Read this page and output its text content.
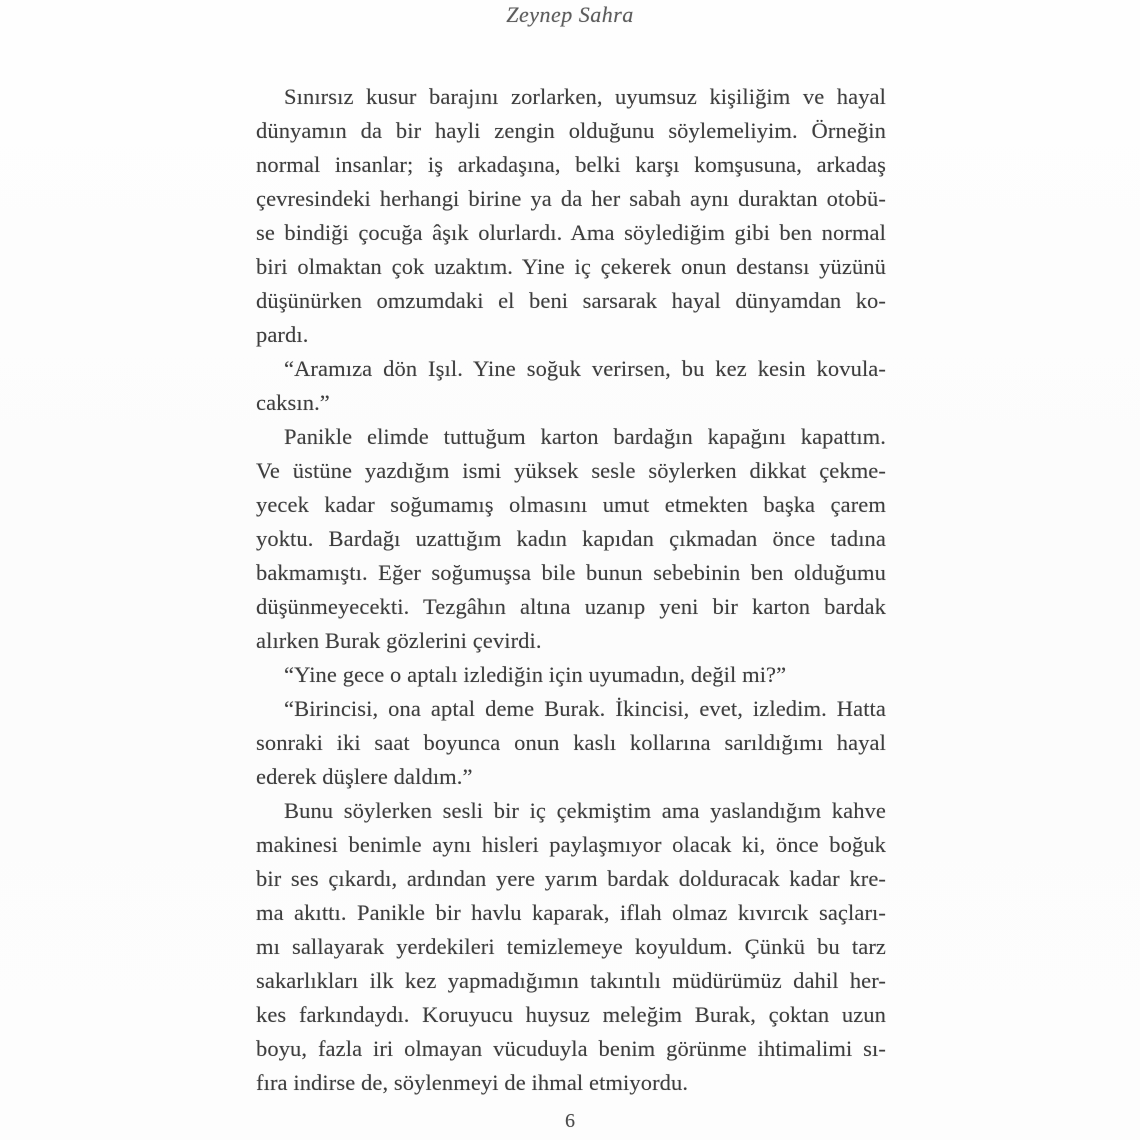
Zeynep Sahra
Sınırsız kusur barajını zorlarken, uyumsuz kişiliğim ve hayal
dünyamın da bir hayli zengin olduğunu söylemeliyim. Örneğin
normal insanlar; iş arkadaşına, belki karşı komşusuna, arkadaş
çevresindeki herhangi birine ya da her sabah aynı duraktan otobü-
se bindiği çocuğa âşık olurlardı. Ama söylediğim gibi ben normal
biri olmaktan çok uzaktım. Yine iç çekerek onun destansı yüzünü
düşünürken omzumdaki el beni sarsarak hayal dünyamdan ko-
pardı.
“Aramıza dön Işıl. Yine soğuk verirsen, bu kez kesin kovula-
caksın.”
Panikle elimde tuttuğum karton bardağın kapağını kapattım.
Ve üstüne yazdığım ismi yüksek sesle söylerken dikkat çekme-
yecek kadar soğumamış olmasını umut etmekten başka çarem
yoktu. Bardağı uzattığım kadın kapıdan çıkmadan önce tadına
bakmamıştı. Eğer soğumuşsa bile bunun sebebinin ben olduğumu
düşünmeyecekti. Tezgâhın altına uzanıp yeni bir karton bardak
alırken Burak gözlerini çevirdi.
“Yine gece o aptalı izlediğin için uyumadın, değil mi?”
“Birincisi, ona aptal deme Burak. İkincisi, evet, izledim. Hatta
sonraki iki saat boyunca onun kaslı kollarına sarıldığımı hayal
ederek düşlere daldım.”
Bunu söylerken sesli bir iç çekmiştim ama yaslandığım kahve
makinesi benimle aynı hisleri paylaşmıyor olacak ki, önce boğuk
bir ses çıkardı, ardından yere yarım bardak dolduracak kadar kre-
ma akıttı. Panikle bir havlu kaparak, iflah olmaz kıvırcık saçları-
mı sallayarak yerdekileri temizlemeye koyuldum. Çünkü bu tarz
sakarlıkları ilk kez yapmadığımın takıntılı müdürümüz dahil her-
kes farkındaydı. Koruyucu huysuz meleğim Burak, çoktan uzun
boyu, fazla iri olmayan vücuduyla benim görünme ihtimalimi sı-
fıra indirse de, söylenmeyi de ihmal etmiyordu.
6
